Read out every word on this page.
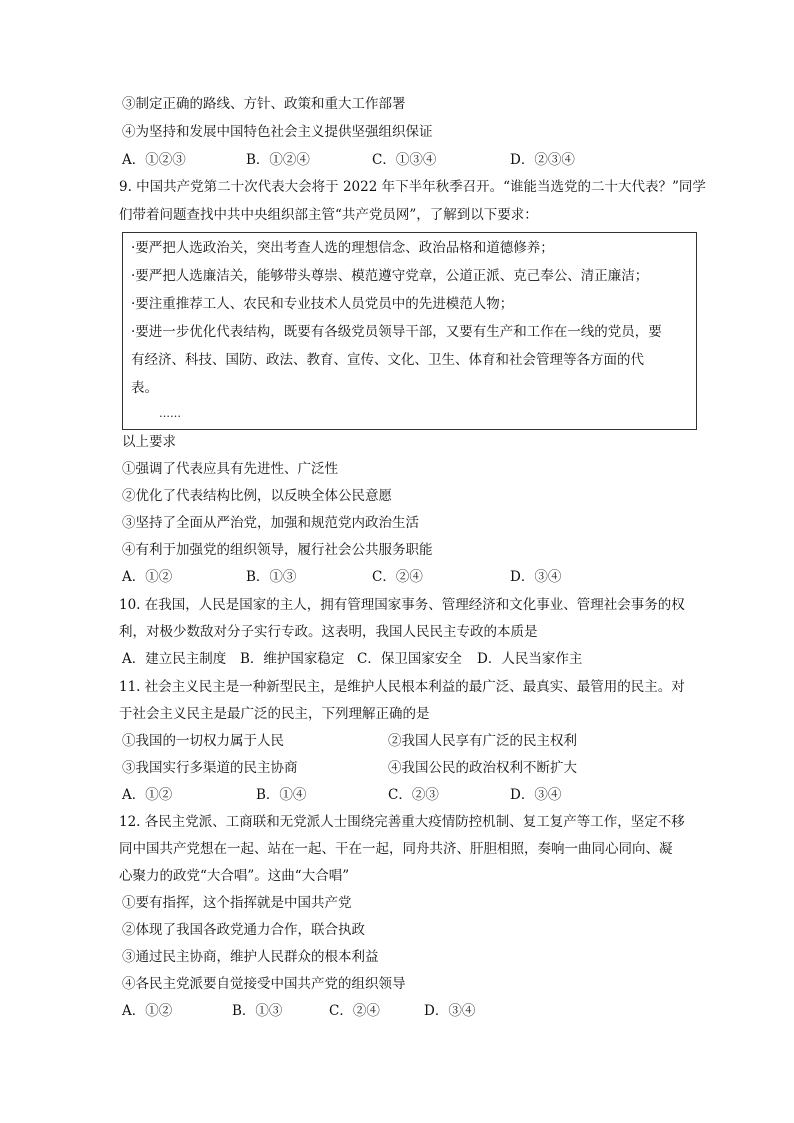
③制定正确的路线、方针、政策和重大工作部署
④为坚持和发展中国特色社会主义提供坚强组织保证
A．①②③	B．①②④	C．①③④	D．②③④
9. 中国共产党第二十次代表大会将于 2022 年下半年秋季召开。“谁能当选党的二十大代表？”同学
们带着问题查找中共中央组织部主管“共产党员网”，了解到以下要求：
·要严把人选政治关，突出考查人选的理想信念、政治品格和道德修养；
·要严把人选廉洁关，能够带头尊崇、模范遵守党章，公道正派、克己奉公、清正廉洁；
·要注重推荐工人、农民和专业技术人员党员中的先进模范人物；
·要进一步优化代表结构，既要有各级党员领导干部，又要有生产和工作在一线的党员，要
有经济、科技、国防、政法、教育、宣传、文化、卫生、体育和社会管理等各方面的代
表。
……
以上要求
①强调了代表应具有先进性、广泛性
②优化了代表结构比例，以反映全体公民意愿
③坚持了全面从严治党，加强和规范党内政治生活
④有利于加强党的组织领导，履行社会公共服务职能
A．①②	B．①③	C．②④	D．③④
10. 在我国，人民是国家的主人，拥有管理国家事务、管理经济和文化事业、管理社会事务的权
利，对极少数敌对分子实行专政。这表明，我国人民民主专政的本质是
A．建立民主制度 B．维护国家稳定 C．保卫国家安全 D．人民当家作主
11. 社会主义民主是一种新型民主，是维护人民根本利益的最广泛、最真实、最管用的民主。对
于社会主义民主是最广泛的民主，下列理解正确的是
①我国的一切权力属于人民	②我国人民享有广泛的民主权利
③我国实行多渠道的民主协商	④我国公民的政治权利不断扩大
A．①②	B．①④	C．②③	D．③④
12. 各民主党派、工商联和无党派人士围绕完善重大疫情防控机制、复工复产等工作，坚定不移
同中国共产党想在一起、站在一起、干在一起，同舟共济、肝胆相照，奏响一曲同心同向、凝
心聚力的政党“大合唱”。这曲“大合唱”
①要有指挥，这个指挥就是中国共产党
②体现了我国各政党通力合作，联合执政
③通过民主协商，维护人民群众的根本利益
④各民主党派要自觉接受中国共产党的组织领导
A．①②	B．①③	C．②④	D．③④
